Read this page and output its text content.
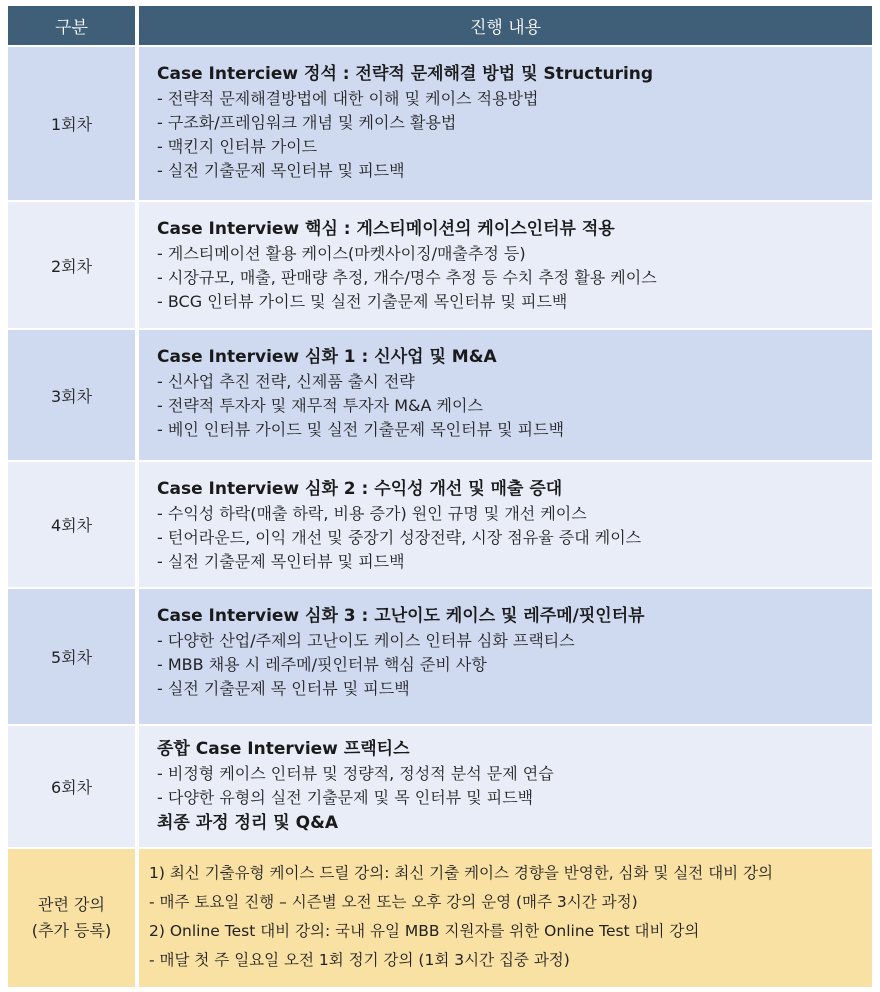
구분	진행 내용
1회차
Case Interciew 정석 : 전략적 문제해결 방법 및 Structuring
- 전략적 문제해결방법에 대한 이해 및 케이스 적용방법
- 구조화/프레임워크 개념 및 케이스 활용법
- 맥킨지 인터뷰 가이드
- 실전 기출문제 목인터뷰 및 피드백
2회차
Case Interview 핵심 : 게스티메이션의 케이스인터뷰 적용
- 게스티메이션 활용 케이스(마켓사이징/매출추정 등)
- 시장규모, 매출, 판매량 추정, 개수/명수 추정 등 수치 추정 활용 케이스
- BCG 인터뷰 가이드 및 실전 기출문제 목인터뷰 및 피드백
3회차
Case Interview 심화 1 : 신사업 및 M&A
- 신사업 추진 전략, 신제품 출시 전략
- 전략적 투자자 및 재무적 투자자 M&A 케이스
- 베인 인터뷰 가이드 및 실전 기출문제 목인터뷰 및 피드백
4회차
Case Interview 심화 2 : 수익성 개선 및 매출 증대
- 수익성 하락(매출 하락, 비용 증가) 원인 규명 및 개선 케이스
- 턴어라운드, 이익 개선 및 중장기 성장전략, 시장 점유율 증대 케이스
- 실전 기출문제 목인터뷰 및 피드백
5회차
Case Interview 심화 3 : 고난이도 케이스 및 레주메/핏인터뷰
- 다양한 산업/주제의 고난이도 케이스 인터뷰 심화 프랙티스
- MBB 채용 시 레주메/핏인터뷰 핵심 준비 사항
- 실전 기출문제 목 인터뷰 및 피드백
6회차
종합 Case Interview 프랙티스
- 비정형 케이스 인터뷰 및 정량적, 정성적 분석 문제 연습
- 다양한 유형의 실전 기출문제 및 목 인터뷰 및 피드백
최종 과정 정리 및 Q&A
관련 강의
(추가 등록)
1) 최신 기출유형 케이스 드릴 강의: 최신 기출 케이스 경향을 반영한, 심화 및 실전 대비 강의
- 매주 토요일 진행 – 시즌별 오전 또는 오후 강의 운영 (매주 3시간 과정)
2) Online Test 대비 강의: 국내 유일 MBB 지원자를 위한 Online Test 대비 강의
- 매달 첫 주 일요일 오전 1회 정기 강의 (1회 3시간 집중 과정)
